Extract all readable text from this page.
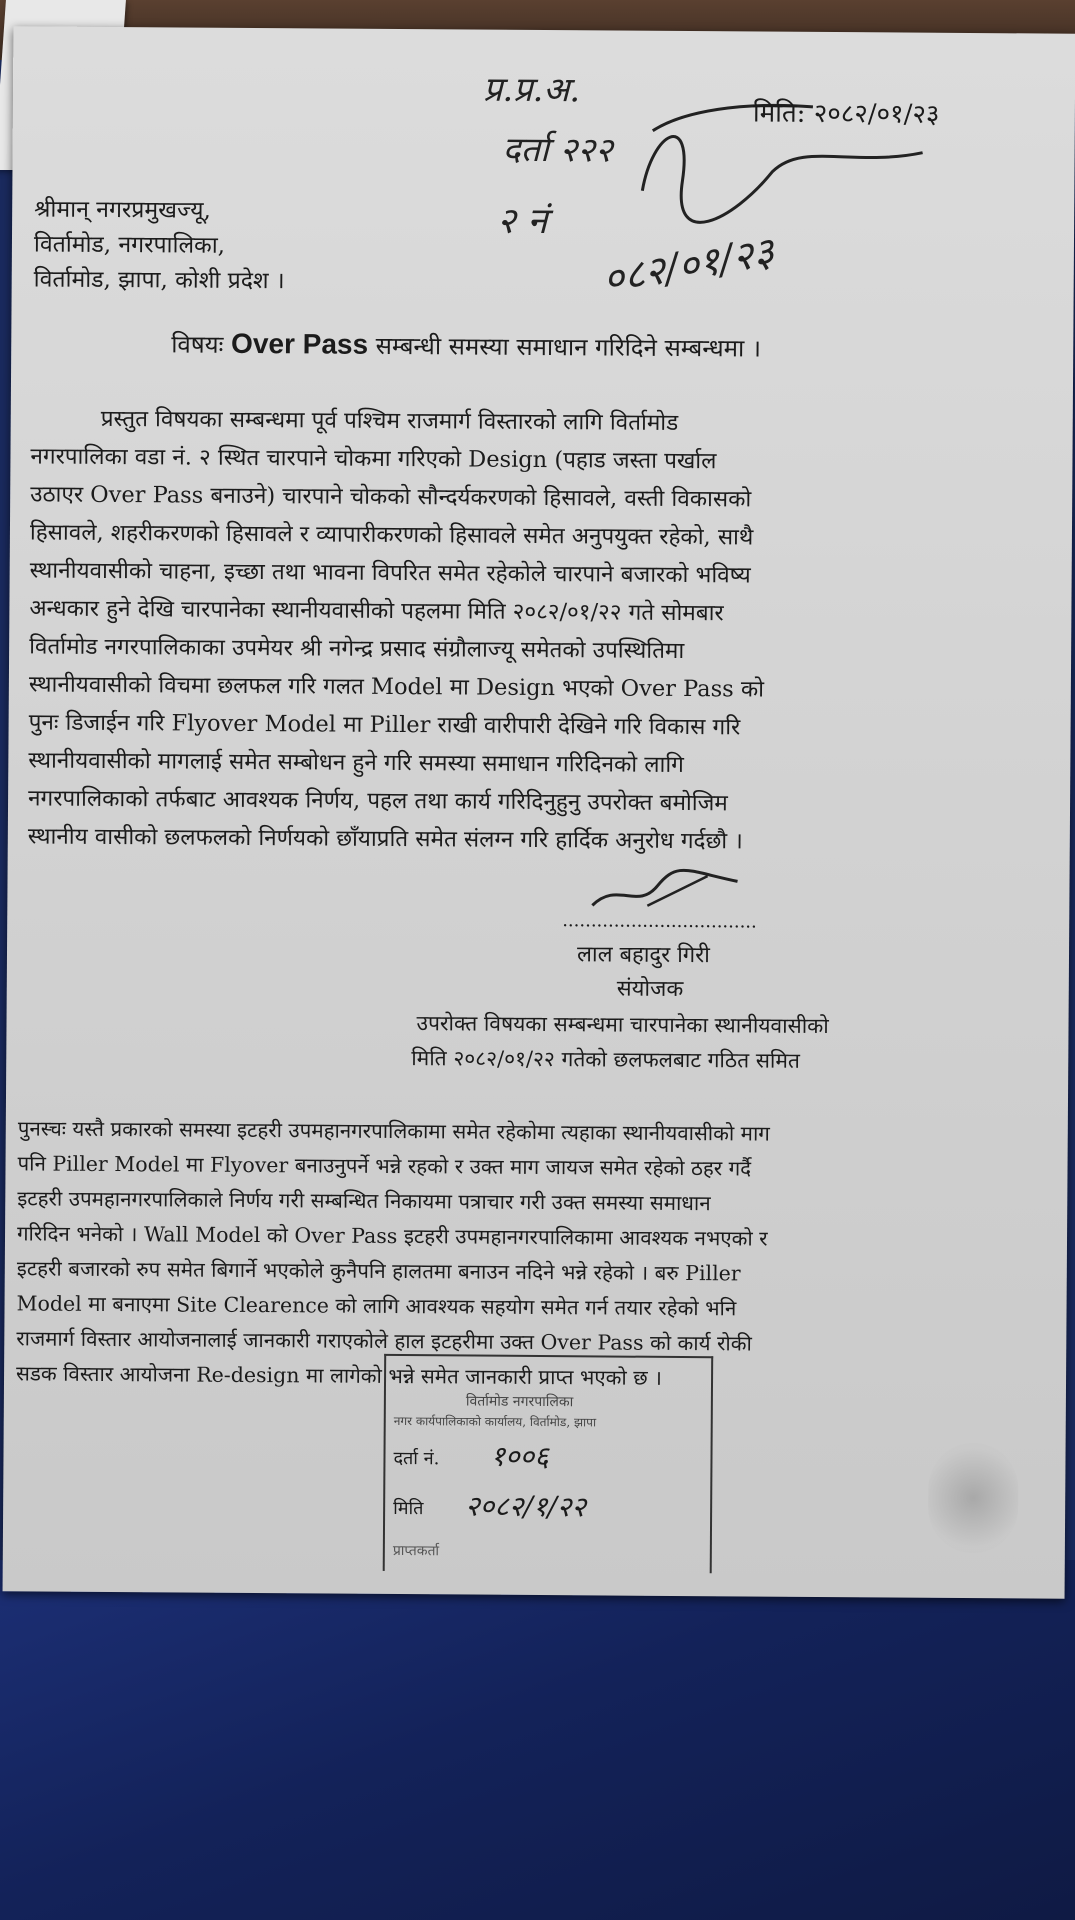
प्र.प्र.अ.
दर्ता २२२
२ नं
०८२/०१/२३
मिति: २०८२/०१/२३
श्रीमान् नगरप्रमुखज्यू,
विर्तामोड, नगरपालिका,
विर्तामोड, झापा, कोशी प्रदेश ।
विषयः Over Pass सम्बन्धी समस्या समाधान गरिदिने सम्बन्धमा ।
प्रस्तुत विषयका सम्बन्धमा पूर्व पश्चिम राजमार्ग विस्तारको लागि विर्तामोड
नगरपालिका वडा नं. २ स्थित चारपाने चोकमा गरिएको Design (पहाड जस्ता पर्खाल
उठाएर Over Pass बनाउने) चारपाने चोकको सौन्दर्यकरणको हिसावले, वस्ती विकासको
हिसावले, शहरीकरणको हिसावले र व्यापारीकरणको हिसावले समेत अनुपयुक्त रहेको, साथै
स्थानीयवासीको चाहना, इच्छा तथा भावना विपरित समेत रहेकोले चारपाने बजारको भविष्य
अन्धकार हुने देखि चारपानेका स्थानीयवासीको पहलमा मिति २०८२/०१/२२ गते सोमबार
विर्तामोड नगरपालिकाका उपमेयर श्री नगेन्द्र प्रसाद संग्रौलाज्यू समेतको उपस्थितिमा
स्थानीयवासीको विचमा छलफल गरि गलत Model मा Design भएको Over Pass को
पुनः डिजाईन गरि Flyover Model मा Piller राखी वारीपारी देखिने गरि विकास गरि
स्थानीयवासीको मागलाई समेत सम्बोधन हुने गरि समस्या समाधान गरिदिनको लागि
नगरपालिकाको तर्फबाट आवश्यक निर्णय, पहल तथा कार्य गरिदिनुहुनु उपरोक्त बमोजिम
स्थानीय वासीको छलफलको निर्णयको छाँयाप्रति समेत संलग्न गरि हार्दिक अनुरोध गर्दछौ ।
..................................
लाल बहादुर गिरी
संयोजक
उपरोक्त विषयका सम्बन्धमा चारपानेका स्थानीयवासीको
मिति २०८२/०१/२२ गतेको छलफलबाट गठित समित
पुनस्चः यस्तै प्रकारको समस्या इटहरी उपमहानगरपालिकामा समेत रहेकोमा त्यहाका स्थानीयवासीको माग
पनि Piller Model मा Flyover बनाउनुपर्ने भन्ने रहको र उक्त माग जायज समेत रहेको ठहर गर्दै
इटहरी उपमहानगरपालिकाले निर्णय गरी सम्बन्धित निकायमा पत्राचार गरी उक्त समस्या समाधान
गरिदिन भनेको । Wall Model को Over Pass इटहरी उपमहानगरपालिकामा आवश्यक नभएको र
इटहरी बजारको रुप समेत बिगार्ने भएकोले कुनैपनि हालतमा बनाउन नदिने भन्ने रहेको । बरु Piller
Model मा बनाएमा Site Clearence को लागि आवश्यक सहयोग समेत गर्न तयार रहेको भनि
राजमार्ग विस्तार आयोजनालाई जानकारी गराएकोले हाल इटहरीमा उक्त Over Pass को कार्य रोकी
सडक विस्तार आयोजना Re-design मा लागेको भन्ने समेत जानकारी प्राप्त भएको छ ।
विर्तामोड नगरपालिका
नगर कार्यपालिकाको कार्यालय, विर्तामोड, झापा
दर्ता नं. १००६
मिति २०८२/१/२२
प्राप्तकर्ता
